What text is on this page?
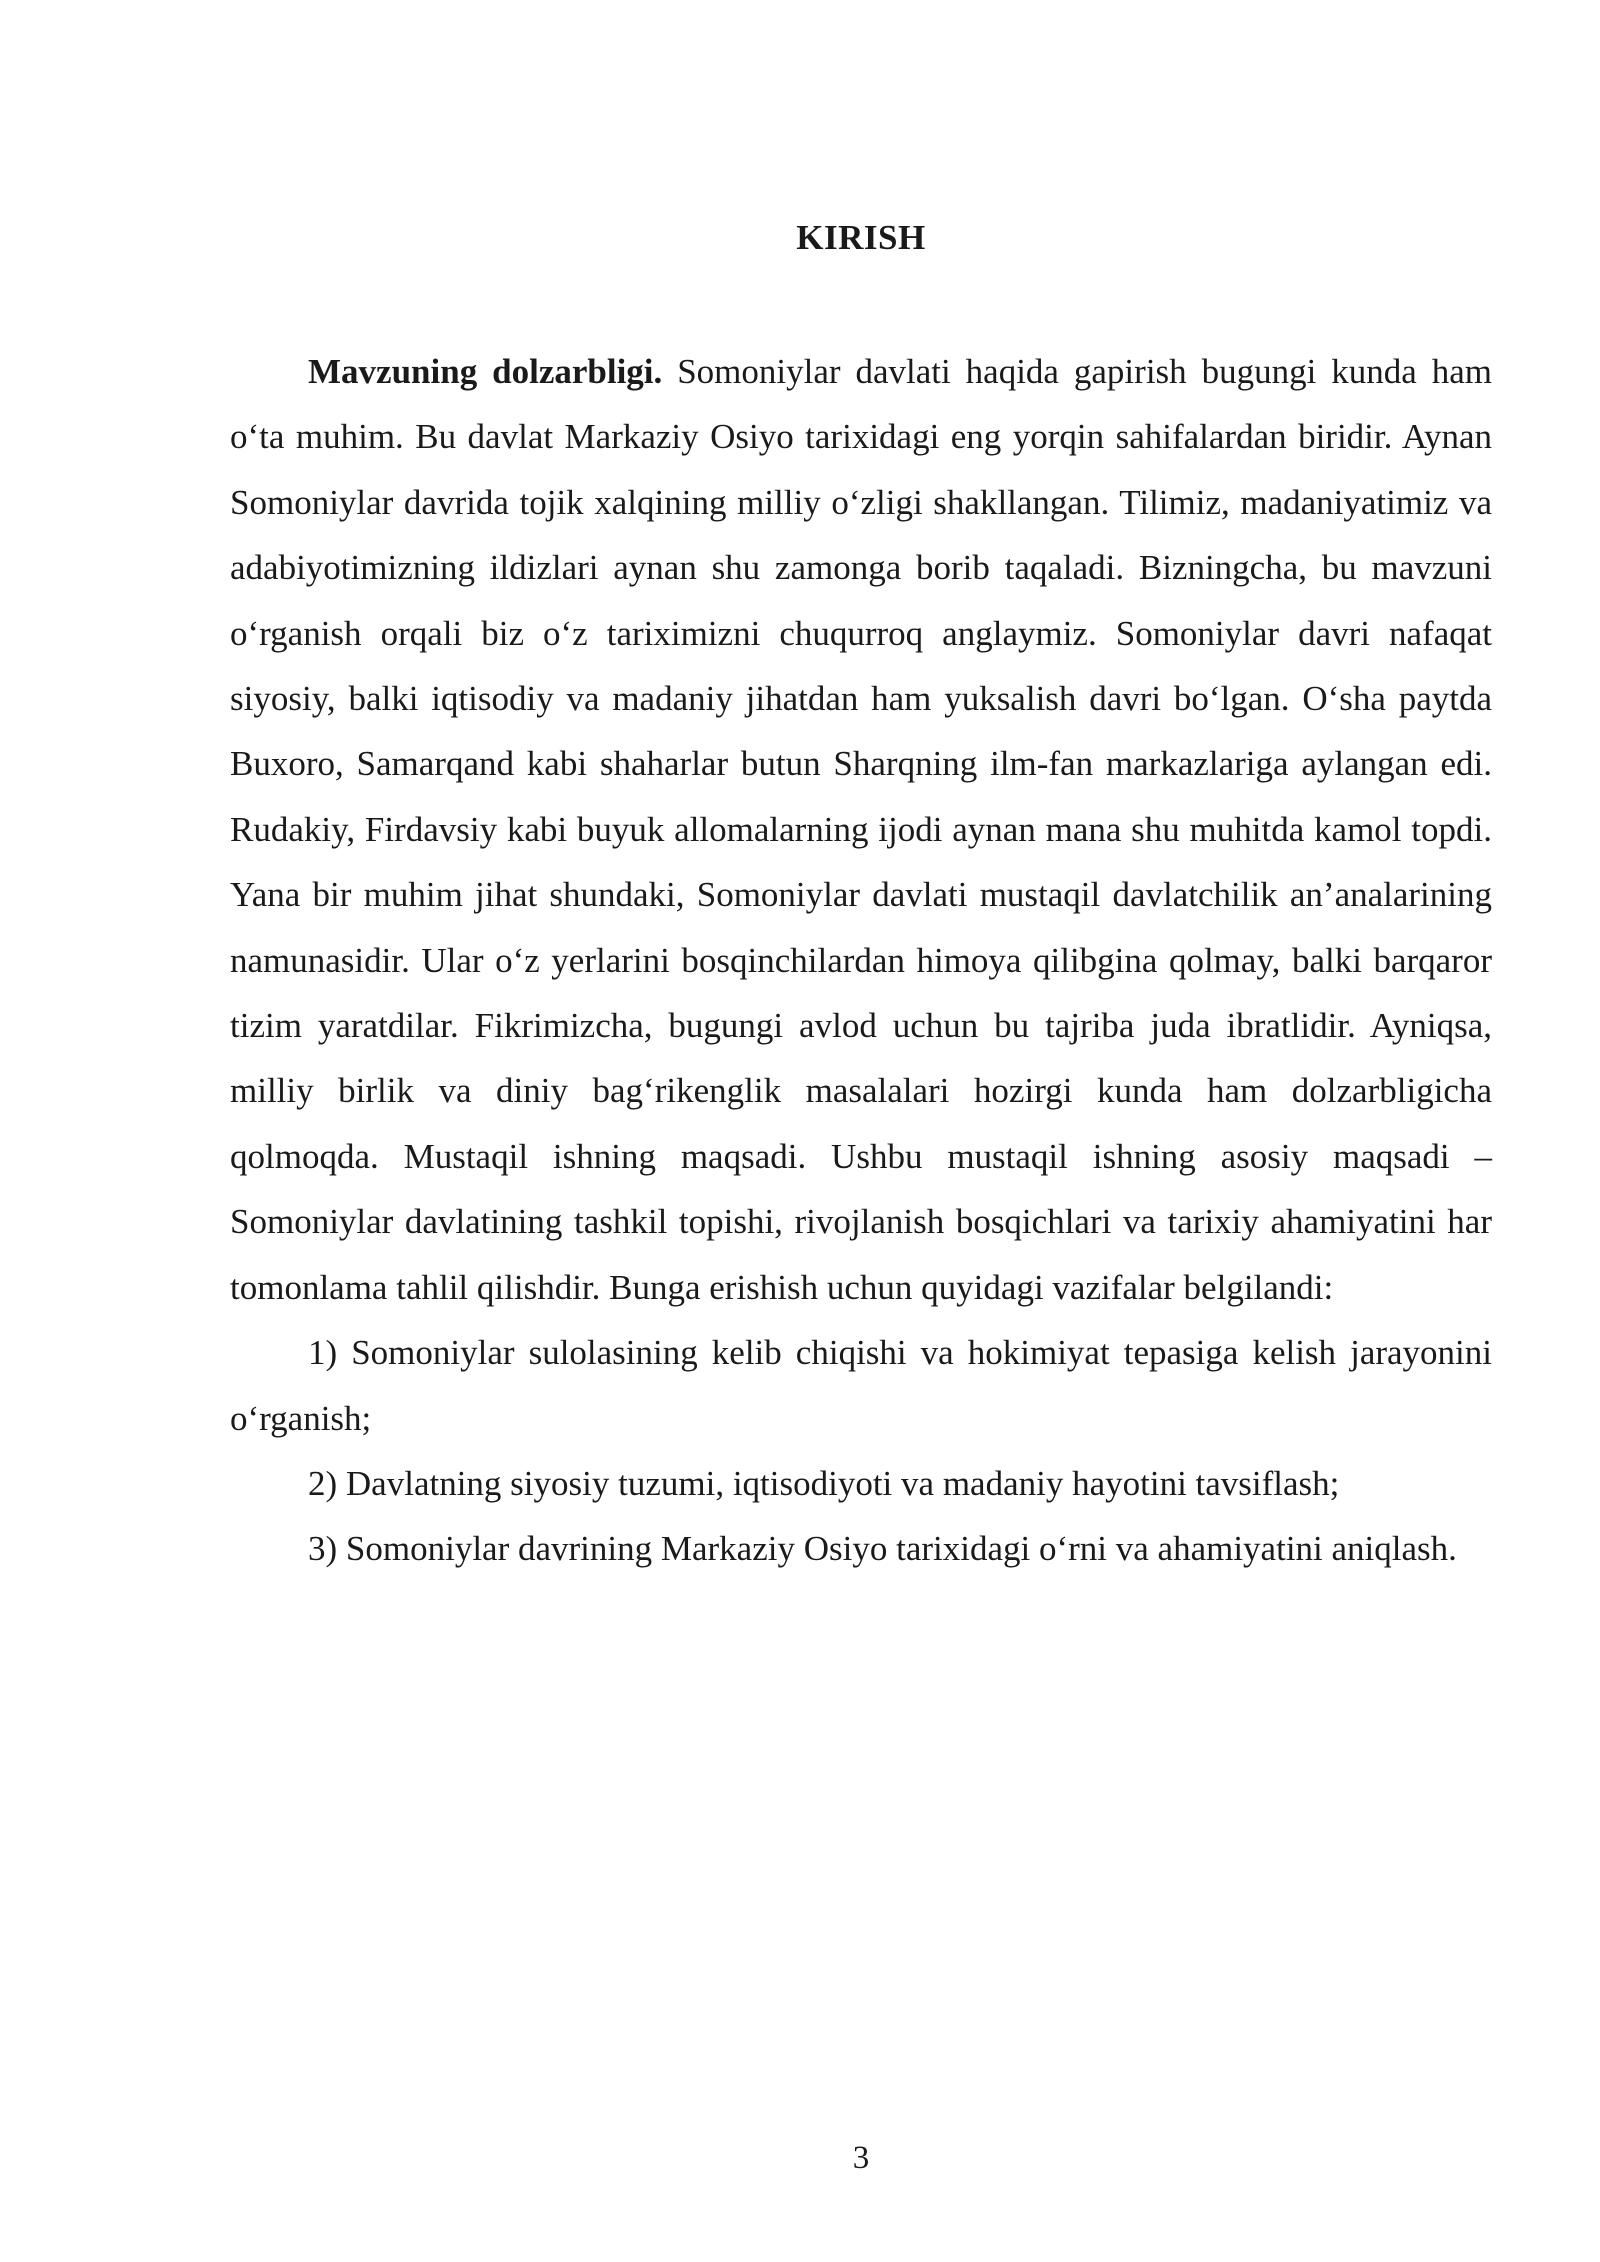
KIRISH

Mavzuning dolzarbligi. Somoniylar davlati haqida gapirish bugungi kunda ham o‘ta muhim. Bu davlat Markaziy Osiyo tarixidagi eng yorqin sahifalardan biridir. Aynan Somoniylar davrida tojik xalqining milliy o‘zligi shakllangan. Tilimiz, madaniyatimiz va adabiyotimizning ildizlari aynan shu zamonga borib taqaladi. Bizningcha, bu mavzuni o‘rganish orqali biz o‘z tariximizni chuqurroq anglaymiz. Somoniylar davri nafaqat siyosiy, balki iqtisodiy va madaniy jihatdan ham yuksalish davri bo‘lgan. O‘sha paytda Buxoro, Samarqand kabi shaharlar butun Sharqning ilm-fan markazlariga aylangan edi. Rudakiy, Firdavsiy kabi buyuk allomalarning ijodi aynan mana shu muhitda kamol topdi. Yana bir muhim jihat shundaki, Somoniylar davlati mustaqil davlatchilik an’analarining namunasidir. Ular o‘z yerlarini bosqinchilardan himoya qilibgina qolmay, balki barqaror tizim yaratdilar. Fikrimizcha, bugungi avlod uchun bu tajriba juda ibratlidir. Ayniqsa, milliy birlik va diniy bag‘rikenglik masalalari hozirgi kunda ham dolzarbligicha qolmoqda. Mustaqil ishning maqsadi. Ushbu mustaqil ishning asosiy maqsadi – Somoniylar davlatining tashkil topishi, rivojlanish bosqichlari va tarixiy ahamiyatini har tomonlama tahlil qilishdir. Bunga erishish uchun quyidagi vazifalar belgilandi:

1) Somoniylar sulolasining kelib chiqishi va hokimiyat tepasiga kelish jarayonini o‘rganish;

2) Davlatning siyosiy tuzumi, iqtisodiyoti va madaniy hayotini tavsiflash;

3) Somoniylar davrining Markaziy Osiyo tarixidagi o‘rni va ahamiyatini aniqlash.

3
